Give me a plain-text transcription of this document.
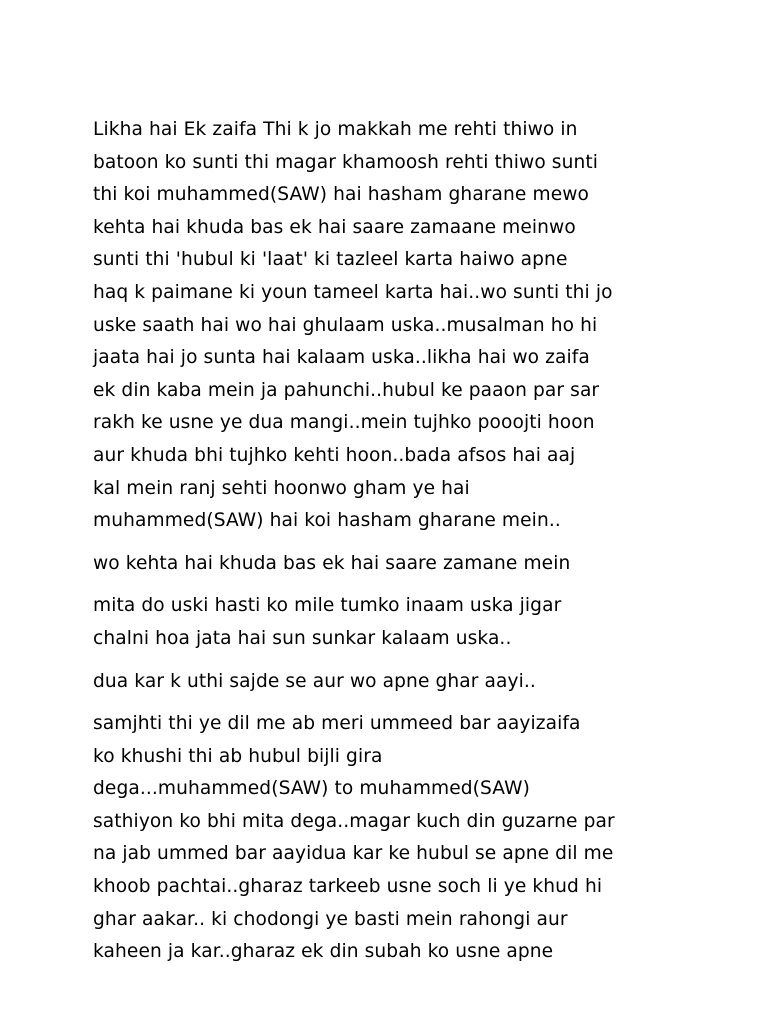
Likha hai Ek zaifa Thi k jo makkah me rehti thiwo in
batoon ko sunti thi magar khamoosh rehti thiwo sunti
thi koi muhammed(SAW) hai hasham gharane mewo
kehta hai khuda bas ek hai saare zamaane meinwo
sunti thi 'hubul ki 'laat' ki tazleel karta haiwo apne
haq k paimane ki youn tameel karta hai..wo sunti thi jo
uske saath hai wo hai ghulaam uska..musalman ho hi
jaata hai jo sunta hai kalaam uska..likha hai wo zaifa
ek din kaba mein ja pahunchi..hubul ke paaon par sar
rakh ke usne ye dua mangi..mein tujhko pooojti hoon
aur khuda bhi tujhko kehti hoon..bada afsos hai aaj
kal mein ranj sehti hoonwo gham ye hai
muhammed(SAW) hai koi hasham gharane mein..

wo kehta hai khuda bas ek hai saare zamane mein

mita do uski hasti ko mile tumko inaam uska jigar
chalni hoa jata hai sun sunkar kalaam uska..

dua kar k uthi sajde se aur wo apne ghar aayi..

samjhti thi ye dil me ab meri ummeed bar aayizaifa
ko khushi thi ab hubul bijli gira
dega...muhammed(SAW) to muhammed(SAW)
sathiyon ko bhi mita dega..magar kuch din guzarne par
na jab ummed bar aayidua kar ke hubul se apne dil me
khoob pachtai..gharaz tarkeeb usne soch li ye khud hi
ghar aakar.. ki chodongi ye basti mein rahongi aur
kaheen ja kar..gharaz ek din subah ko usne apne
